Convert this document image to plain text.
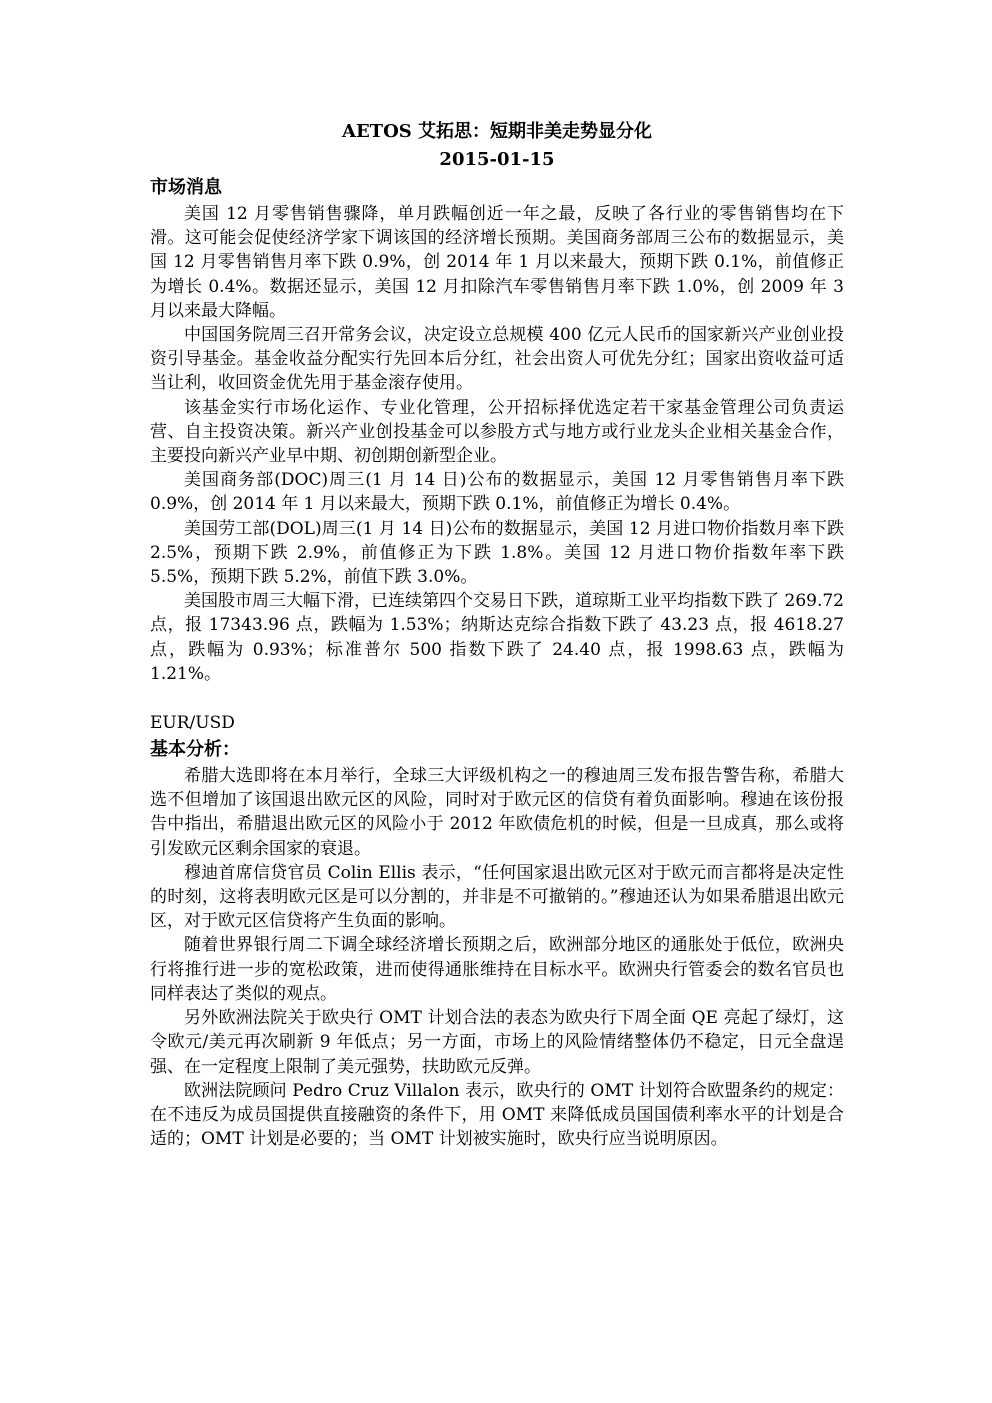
AETOS 艾拓思：短期非美走势显分化

2015-01-15

市场消息

美国 12 月零售销售骤降，单月跌幅创近一年之最，反映了各行业的零售销售均在下滑。这可能会促使经济学家下调该国的经济增长预期。美国商务部周三公布的数据显示，美国 12 月零售销售月率下跌 0.9%，创 2014 年 1 月以来最大，预期下跌 0.1%，前值修正为增长 0.4%。数据还显示，美国 12 月扣除汽车零售销售月率下跌 1.0%，创 2009 年 3 月以来最大降幅。

中国国务院周三召开常务会议，决定设立总规模 400 亿元人民币的国家新兴产业创业投资引导基金。基金收益分配实行先回本后分红，社会出资人可优先分红；国家出资收益可适当让利，收回资金优先用于基金滚存使用。

该基金实行市场化运作、专业化管理，公开招标择优选定若干家基金管理公司负责运营、自主投资决策。新兴产业创投基金可以参股方式与地方或行业龙头企业相关基金合作，主要投向新兴产业早中期、初创期创新型企业。

美国商务部(DOC)周三(1 月 14 日)公布的数据显示，美国 12 月零售销售月率下跌 0.9%，创 2014 年 1 月以来最大，预期下跌 0.1%，前值修正为增长 0.4%。

美国劳工部(DOL)周三(1 月 14 日)公布的数据显示，美国 12 月进口物价指数月率下跌 2.5%，预期下跌 2.9%，前值修正为下跌 1.8%。美国 12 月进口物价指数年率下跌 5.5%，预期下跌 5.2%，前值下跌 3.0%。

美国股市周三大幅下滑，已连续第四个交易日下跌，道琼斯工业平均指数下跌了 269.72 点，报 17343.96 点，跌幅为 1.53%；纳斯达克综合指数下跌了 43.23 点，报 4618.27 点，跌幅为 0.93%；标准普尔 500 指数下跌了 24.40 点，报 1998.63 点，跌幅为 1.21%。

EUR/USD

基本分析：

希腊大选即将在本月举行，全球三大评级机构之一的穆迪周三发布报告警告称，希腊大选不但增加了该国退出欧元区的风险，同时对于欧元区的信贷有着负面影响。穆迪在该份报告中指出，希腊退出欧元区的风险小于 2012 年欧债危机的时候，但是一旦成真，那么或将引发欧元区剩余国家的衰退。

穆迪首席信贷官员 Colin Ellis 表示，“任何国家退出欧元区对于欧元而言都将是决定性的时刻，这将表明欧元区是可以分割的，并非是不可撤销的。”穆迪还认为如果希腊退出欧元区，对于欧元区信贷将产生负面的影响。

随着世界银行周二下调全球经济增长预期之后，欧洲部分地区的通胀处于低位，欧洲央行将推行进一步的宽松政策，进而使得通胀维持在目标水平。欧洲央行管委会的数名官员也同样表达了类似的观点。

另外欧洲法院关于欧央行 OMT 计划合法的表态为欧央行下周全面 QE 亮起了绿灯，这令欧元/美元再次刷新 9 年低点；另一方面，市场上的风险情绪整体仍不稳定，日元全盘逞强、在一定程度上限制了美元强势，扶助欧元反弹。

欧洲法院顾问 Pedro Cruz Villalon 表示，欧央行的 OMT 计划符合欧盟条约的规定：在不违反为成员国提供直接融资的条件下，用 OMT 来降低成员国国债利率水平的计划是合适的；OMT 计划是必要的；当 OMT 计划被实施时，欧央行应当说明原因。
